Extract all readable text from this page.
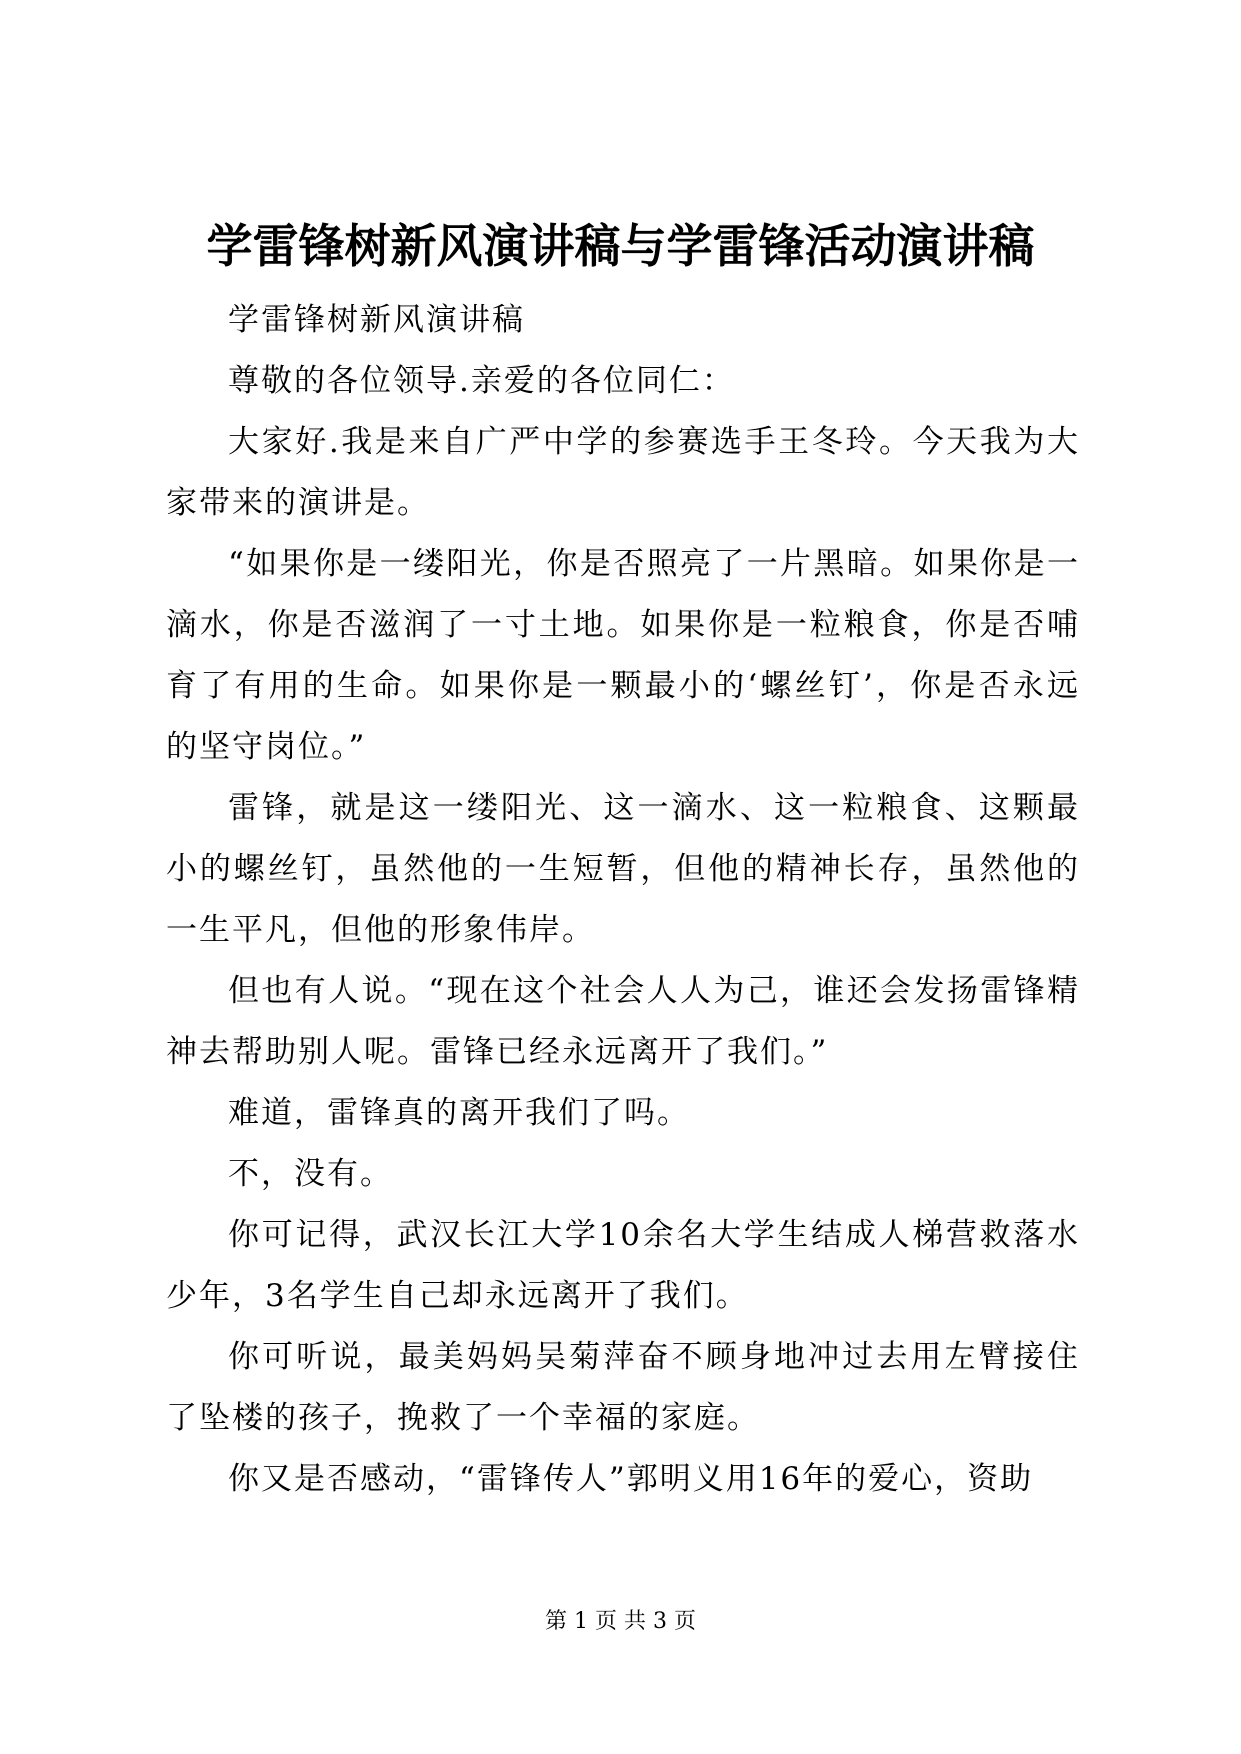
学雷锋树新风演讲稿与学雷锋活动演讲稿

学雷锋树新风演讲稿

尊敬的各位领导.亲爱的各位同仁：

大家好.我是来自广严中学的参赛选手王冬玲。今天我为大家带来的演讲是。

“如果你是一缕阳光，你是否照亮了一片黑暗。如果你是一滴水，你是否滋润了一寸土地。如果你是一粒粮食，你是否哺育了有用的生命。如果你是一颗最小的‘螺丝钉’，你是否永远的坚守岗位。”

雷锋，就是这一缕阳光、这一滴水、这一粒粮食、这颗最小的螺丝钉，虽然他的一生短暂，但他的精神长存，虽然他的一生平凡，但他的形象伟岸。

但也有人说。“现在这个社会人人为己，谁还会发扬雷锋精神去帮助别人呢。雷锋已经永远离开了我们。”

难道，雷锋真的离开我们了吗。

不，没有。

你可记得，武汉长江大学10余名大学生结成人梯营救落水少年，3名学生自己却永远离开了我们。

你可听说，最美妈妈吴菊萍奋不顾身地冲过去用左臂接住了坠楼的孩子，挽救了一个幸福的家庭。

你又是否感动，“雷锋传人”郭明义用16年的爱心，资助

第 1 页 共 3 页
